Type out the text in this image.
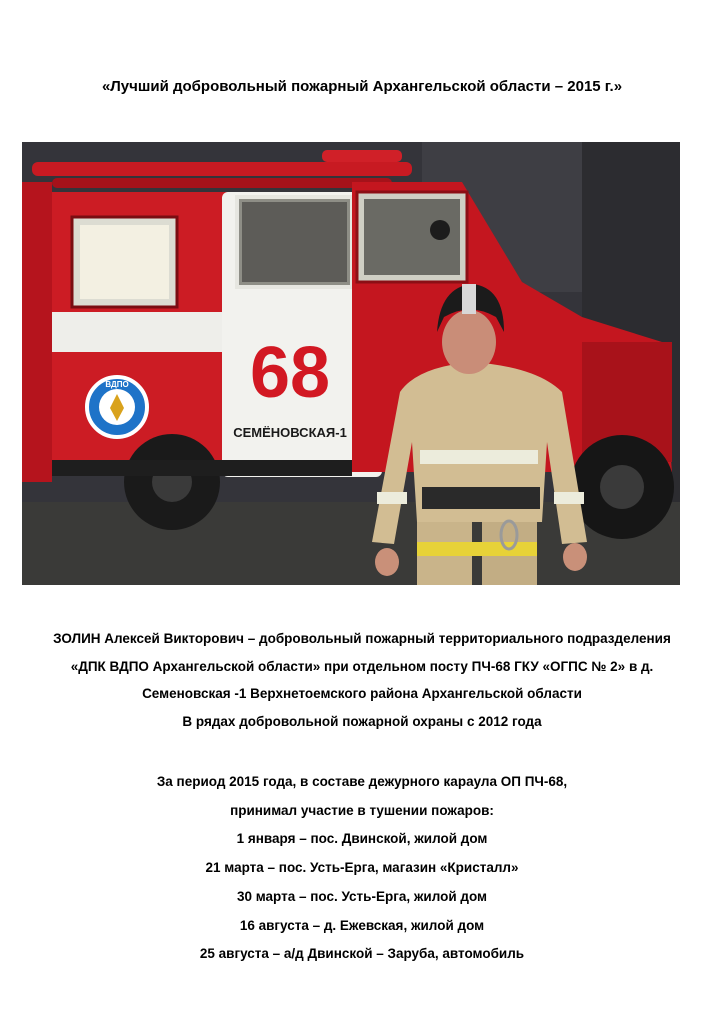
«Лучший добровольный пожарный Архангельской области – 2015 г.»
ВДПО 68
СЕМЁНОВСКАЯ-1
ЗОЛИН Алексей Викторович – добровольный пожарный территориального подразделения
«ДПК ВДПО Архангельской области» при отдельном посту ПЧ-68 ГКУ «ОГПС № 2» в д.
Семеновская -1 Верхнетоемского района Архангельской области
В рядах добровольной пожарной охраны с 2012 года
За период 2015 года, в составе дежурного караула ОП ПЧ-68,
принимал участие в тушении пожаров:
1 января – пос. Двинской, жилой дом
21 марта – пос. Усть-Ерга, магазин «Кристалл»
30 марта – пос. Усть-Ерга, жилой дом
16 августа – д. Ежевская, жилой дом
25 августа – а/д Двинской – Заруба, автомобиль
